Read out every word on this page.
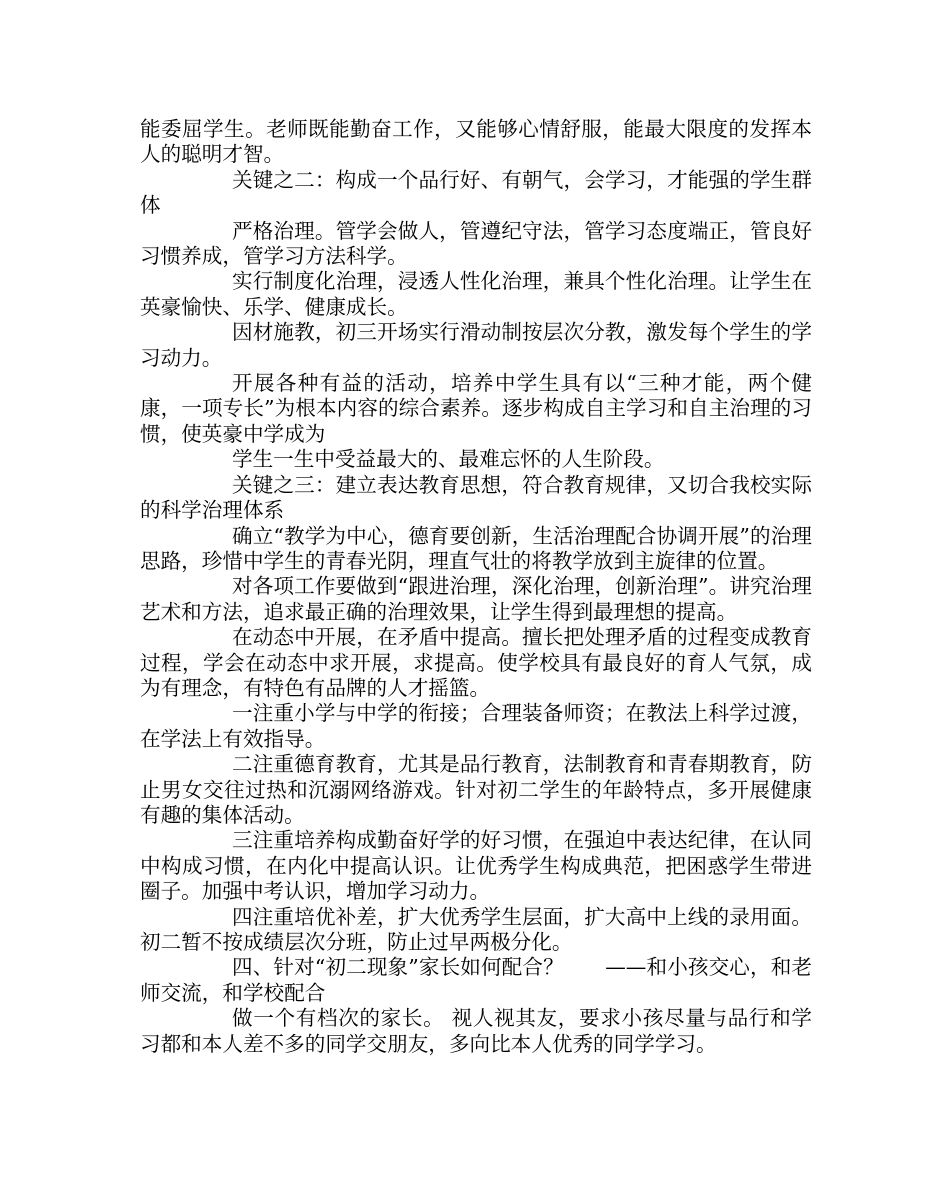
能委屈学生。老师既能勤奋工作，又能够心情舒服，能最大限度的发挥本人的聪明才智。

关键之二：构成一个品行好、有朝气，会学习，才能强的学生群体

严格治理。管学会做人，管遵纪守法，管学习态度端正，管良好习惯养成，管学习方法科学。

实行制度化治理，浸透人性化治理，兼具个性化治理。让学生在英豪愉快、乐学、健康成长。

因材施教，初三开场实行滑动制按层次分教，激发每个学生的学习动力。

开展各种有益的活动，培养中学生具有以“三种才能，两个健康，一项专长”为根本内容的综合素养。逐步构成自主学习和自主治理的习惯，使英豪中学成为

学生一生中受益最大的、最难忘怀的人生阶段。

关键之三：建立表达教育思想，符合教育规律，又切合我校实际的科学治理体系

确立“教学为中心，德育要创新，生活治理配合协调开展”的治理思路，珍惜中学生的青春光阴，理直气壮的将教学放到主旋律的位置。

对各项工作要做到“跟进治理，深化治理，创新治理”。讲究治理艺术和方法，追求最正确的治理效果，让学生得到最理想的提高。

在动态中开展，在矛盾中提高。擅长把处理矛盾的过程变成教育过程，学会在动态中求开展，求提高。使学校具有最良好的育人气氛，成为有理念，有特色有品牌的人才摇篮。

一注重小学与中学的衔接；合理装备师资；在教法上科学过渡，在学法上有效指导。

二注重德育教育，尤其是品行教育，法制教育和青春期教育，防止男女交往过热和沉溺网络游戏。针对初二学生的年龄特点，多开展健康有趣的集体活动。

三注重培养构成勤奋好学的好习惯，在强迫中表达纪律，在认同中构成习惯，在内化中提高认识。让优秀学生构成典范，把困惑学生带进圈子。加强中考认识，增加学习动力。

四注重培优补差，扩大优秀学生层面，扩大高中上线的录用面。初二暂不按成绩层次分班，防止过早两极分化。

四、针对“初二现象”家长如何配合？　　——和小孩交心，和老师交流，和学校配合

做一个有档次的家长。 视人视其友，要求小孩尽量与品行和学习都和本人差不多的同学交朋友，多向比本人优秀的同学学习。
